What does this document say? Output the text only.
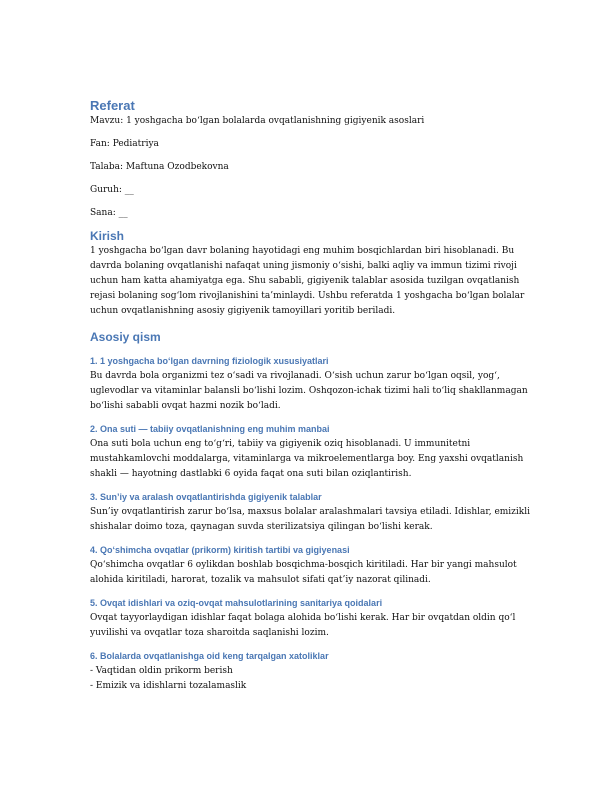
Referat

Mavzu: 1 yoshgacha bo‘lgan bolalarda ovqatlanishning gigiyenik asoslari

Fan: Pediatriya

Talaba: Maftuna Ozodbekovna

Guruh: __

Sana: __

Kirish

1 yoshgacha bo‘lgan davr bolaning hayotidagi eng muhim bosqichlardan biri hisoblanadi. Bu davrda bolaning ovqatlanishi nafaqat uning jismoniy o‘sishi, balki aqliy va immun tizimi rivoji uchun ham katta ahamiyatga ega. Shu sababli, gigiyenik talablar asosida tuzilgan ovqatlanish rejasi bolaning sog‘lom rivojlanishini ta’minlaydi. Ushbu referatda 1 yoshgacha bo‘lgan bolalar uchun ovqatlanishning asosiy gigiyenik tamoyillari yoritib beriladi.

Asosiy qism
1. 1 yoshgacha bo‘lgan davrning fiziologik xususiyatlari

Bu davrda bola organizmi tez o‘sadi va rivojlanadi. O‘sish uchun zarur bo‘lgan oqsil, yog‘, uglevodlar va vitaminlar balansli bo‘lishi lozim. Oshqozon-ichak tizimi hali to‘liq shakllanmagan bo‘lishi sababli ovqat hazmi nozik bo‘ladi.

2. Ona suti — tabiiy ovqatlanishning eng muhim manbai

Ona suti bola uchun eng to‘g‘ri, tabiiy va gigiyenik oziq hisoblanadi. U immunitetni mustahkamlovchi moddalarga, vitaminlarga va mikroelementlarga boy. Eng yaxshi ovqatlanish shakli — hayotning dastlabki 6 oyida faqat ona suti bilan oziqlantirish.

3. Sun’iy va aralash ovqatlantirishda gigiyenik talablar

Sun’iy ovqatlantirish zarur bo‘lsa, maxsus bolalar aralashmalari tavsiya etiladi. Idishlar, emizikli shishalar doimo toza, qaynagan suvda sterilizatsiya qilingan bo‘lishi kerak.

4. Qo‘shimcha ovqatlar (prikorm) kiritish tartibi va gigiyenasi

Qo‘shimcha ovqatlar 6 oylikdan boshlab bosqichma-bosqich kiritiladi. Har bir yangi mahsulot alohida kiritiladi, harorat, tozalik va mahsulot sifati qat’iy nazorat qilinadi.

5. Ovqat idishlari va oziq-ovqat mahsulotlarining sanitariya qoidalari

Ovqat tayyorlaydigan idishlar faqat bolaga alohida bo‘lishi kerak. Har bir ovqatdan oldin qo‘l yuvilishi va ovqatlar toza sharoitda saqlanishi lozim.

6. Bolalarda ovqatlanishga oid keng tarqalgan xatoliklar

- Vaqtidan oldin prikorm berish

- Emizik va idishlarni tozalamaslik
